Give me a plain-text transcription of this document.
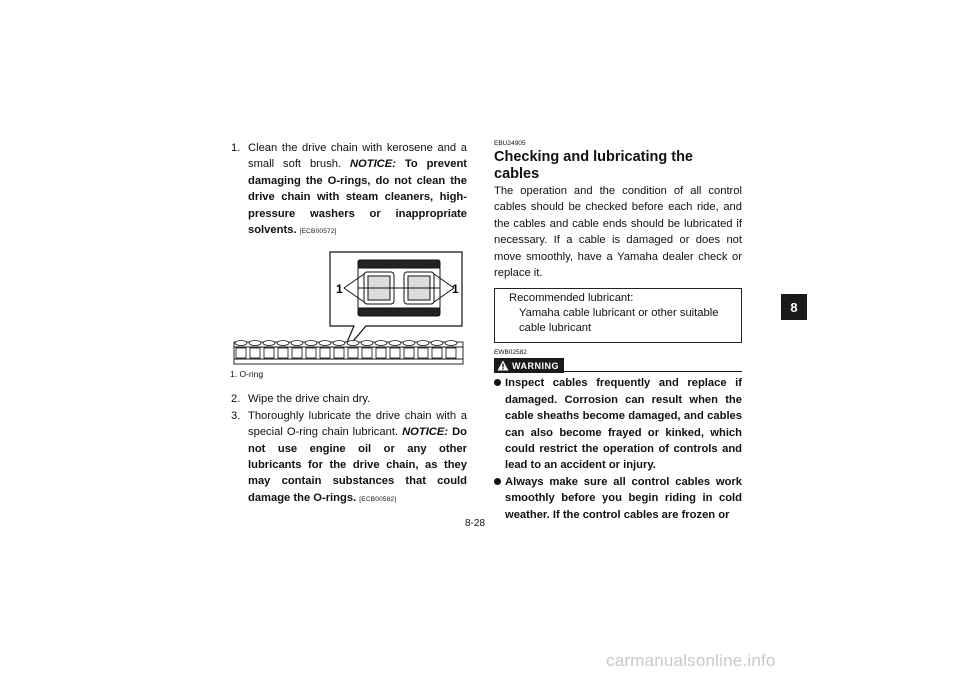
1. Clean the drive chain with kerosene and a small soft brush. NOTICE: To prevent damaging the O-rings, do not clean the drive chain with steam cleaners, high-pressure washers or inappropriate solvents. [ECB00572]
1	1
1. O-ring
2. Wipe the drive chain dry.
3. Thoroughly lubricate the drive chain with a special O-ring chain lubricant. NOTICE: Do not use engine oil or any other lubricants for the drive chain, as they may contain substances that could damage the O-rings. [ECB00582]
EBU24905
Checking and lubricating the cables
The operation and the condition of all control cables should be checked before each ride, and the cables and cable ends should be lubricated if necessary. If a cable is damaged or does not move smoothly, have a Yamaha dealer check or replace it.
Recommended lubricant:
Yamaha cable lubricant or other suitable cable lubricant
EWB02582
WARNING
Inspect cables frequently and replace if damaged. Corrosion can result when the cable sheaths become damaged, and cables can also become frayed or kinked, which could restrict the operation of controls and lead to an accident or injury.
Always make sure all control cables work smoothly before you begin riding in cold weather. If the control cables are frozen or
8-28
8
carmanualsonline.info
